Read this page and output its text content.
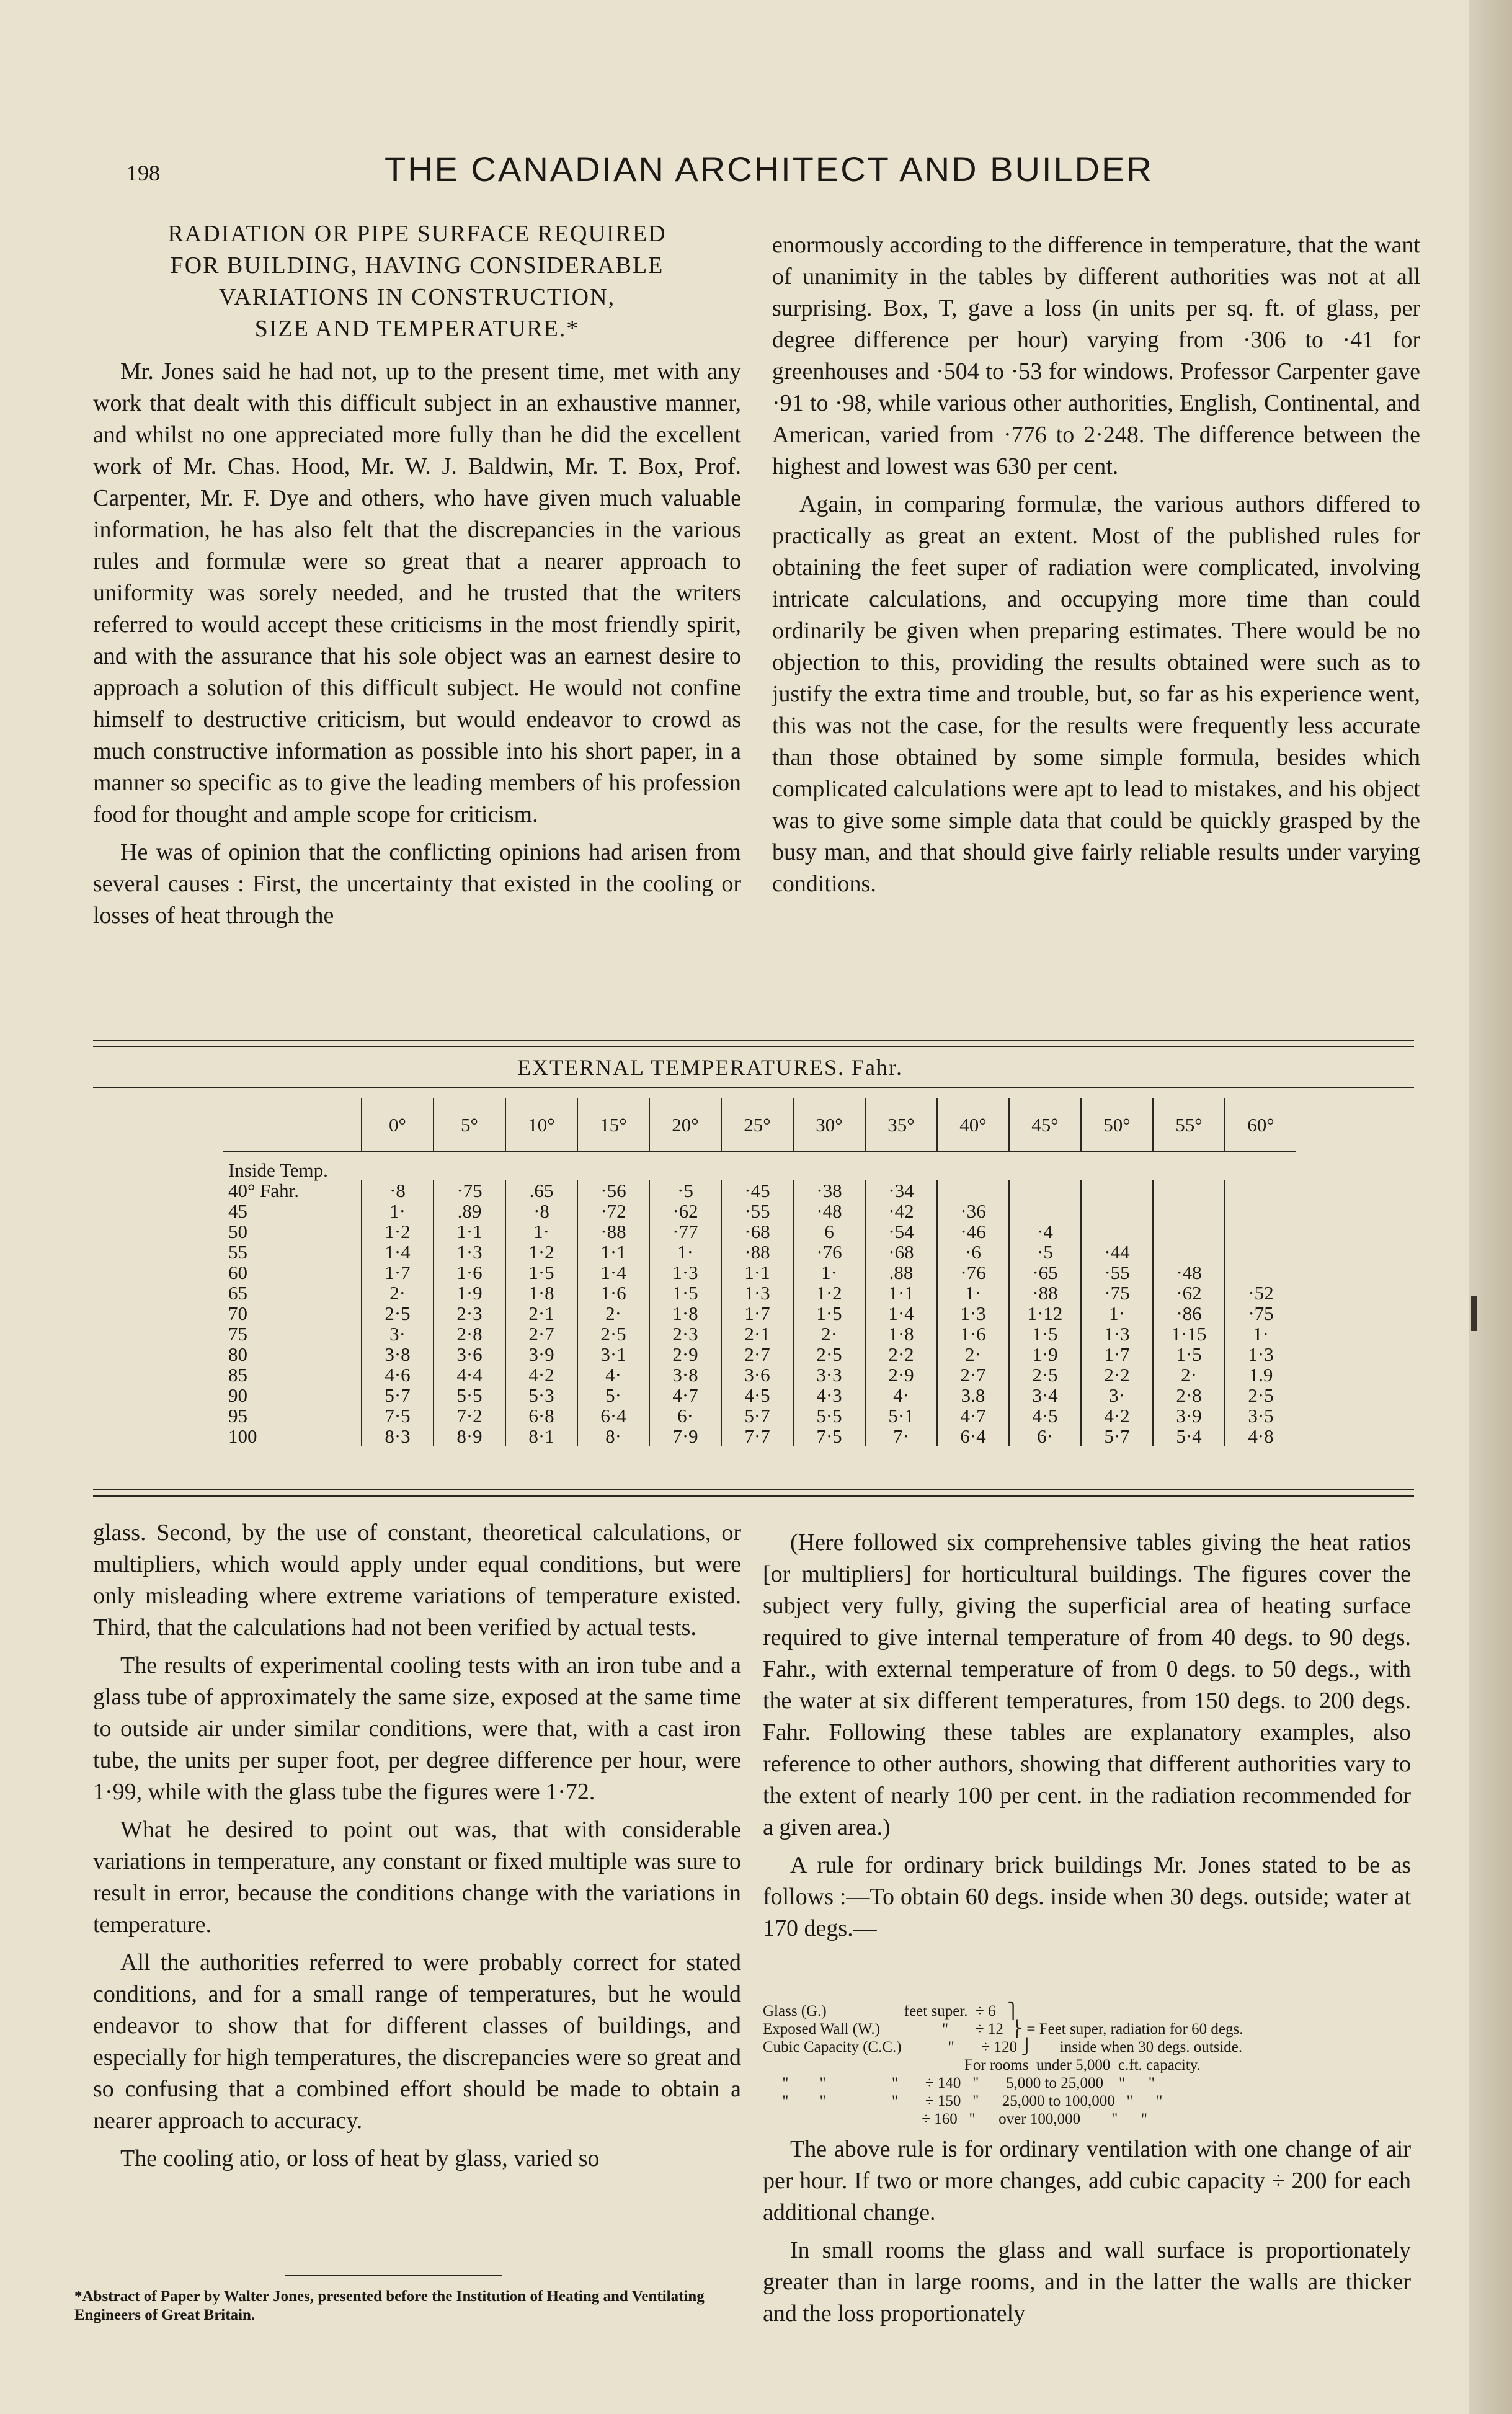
198	THE CANADIAN ARCHITECT AND BUILDER
RADIATION OR PIPE SURFACE REQUIRED
FOR BUILDING, HAVING CONSIDERABLE
VARIATIONS IN CONSTRUCTION,
SIZE AND TEMPERATURE.*

Mr. Jones said he had not, up to the present time, met with any work that dealt with this difficult subject in an exhaustive manner, and whilst no one appreciated more fully than he did the excellent work of Mr. Chas. Hood, Mr. W. J. Baldwin, Mr. T. Box, Prof. Carpenter, Mr. F. Dye and others, who have given much valuable information, he has also felt that the discrepancies in the various rules and formulæ were so great that a nearer approach to uniformity was sorely needed, and he trusted that the writers referred to would accept these criticisms in the most friendly spirit, and with the assurance that his sole object was an earnest desire to approach a solution of this difficult subject. He would not confine himself to destructive criticism, but would endeavor to crowd as much constructive information as possible into his short paper, in a manner so specific as to give the leading members of his profession food for thought and ample scope for criticism.

He was of opinion that the conflicting opinions had arisen from several causes : First, the uncertainty that existed in the cooling or losses of heat through the

enormously according to the difference in temperature, that the want of unanimity in the tables by different authorities was not at all surprising. Box, T, gave a loss (in units per sq. ft. of glass, per degree difference per hour) varying from ·306 to ·41 for greenhouses and ·504 to ·53 for windows. Professor Carpenter gave ·91 to ·98, while various other authorities, English, Continental, and American, varied from ·776 to 2·248. The difference between the highest and lowest was 630 per cent.

Again, in comparing formulæ, the various authors differed to practically as great an extent. Most of the published rules for obtaining the feet super of radiation were complicated, involving intricate calculations, and occupying more time than could ordinarily be given when preparing estimates. There would be no objection to this, providing the results obtained were such as to justify the extra time and trouble, but, so far as his experience went, this was not the case, for the results were frequently less accurate than those obtained by some simple formula, besides which complicated calculations were apt to lead to mistakes, and his object was to give some simple data that could be quickly grasped by the busy man, and that should give fairly reliable results under varying conditions.

EXTERNAL TEMPERATURES. Fahr.
	0°	5°	10°	15°	20°	25°	30°	35°	40°	45°	50°	55°	60°
Inside Temp.													
40° Fahr.	·8	·75	.65	·56	·5	·45	·38	·34					
45	1·	.89	·8	·72	·62	·55	·48	·42	·36				
50	1·2	1·1	1·	·88	·77	·68	6	·54	·46	·4			
55	1·4	1·3	1·2	1·1	1·	·88	·76	·68	·6	·5	·44		
60	1·7	1·6	1·5	1·4	1·3	1·1	1·	.88	·76	·65	·55	·48	
65	2·	1·9	1·8	1·6	1·5	1·3	1·2	1·1	1·	·88	·75	·62	·52
70	2·5	2·3	2·1	2·	1·8	1·7	1·5	1·4	1·3	1·12	1·	·86	·75
75	3·	2·8	2·7	2·5	2·3	2·1	2·	1·8	1·6	1·5	1·3	1·15	1·
80	3·8	3·6	3·9	3·1	2·9	2·7	2·5	2·2	2·	1·9	1·7	1·5	1·3
85	4·6	4·4	4·2	4·	3·8	3·6	3·3	2·9	2·7	2·5	2·2	2·	1.9
90	5·7	5·5	5·3	5·	4·7	4·5	4·3	4·	3.8	3·4	3·	2·8	2·5
95	7·5	7·2	6·8	6·4	6·	5·7	5·5	5·1	4·7	4·5	4·2	3·9	3·5
100	8·3	8·9	8·1	8·	7·9	7·7	7·5	7·	6·4	6·	5·7	5·4	4·8

glass. Second, by the use of constant, theoretical calculations, or multipliers, which would apply under equal conditions, but were only misleading where extreme variations of temperature existed. Third, that the calculations had not been verified by actual tests.

The results of experimental cooling tests with an iron tube and a glass tube of approximately the same size, exposed at the same time to outside air under similar conditions, were that, with a cast iron tube, the units per super foot, per degree difference per hour, were 1·99, while with the glass tube the figures were 1·72.

What he desired to point out was, that with considerable variations in temperature, any constant or fixed multiple was sure to result in error, because the conditions change with the variations in temperature.

All the authorities referred to were probably correct for stated conditions, and for a small range of temperatures, but he would endeavor to show that for different classes of buildings, and especially for high temperatures, the discrepancies were so great and so confusing that a combined effort should be made to obtain a nearer approach to accuracy.

The cooling atio, or loss of heat by glass, varied so

*Abstract of Paper by Walter Jones, presented before the Institution of Heating and Ventilating Engineers of Great Britain.

(Here followed six comprehensive tables giving the heat ratios [or multipliers] for horticultural buildings. The figures cover the subject very fully, giving the superficial area of heating surface required to give internal temperature of from 40 degs. to 90 degs. Fahr., with external temperature of from 0 degs. to 50 degs., with the water at six different temperatures, from 150 degs. to 200 degs. Fahr. Following these tables are explanatory examples, also reference to other authors, showing that different authorities vary to the extent of nearly 100 per cent. in the radiation recommended for a given area.)

A rule for ordinary brick buildings Mr. Jones stated to be as follows :—To obtain 60 degs. inside when 30 degs. outside; water at 170 degs.—

Glass (G.)                    feet super.  ÷ 6   ⎫
Exposed Wall (W.)                "       ÷ 12  ⎬ = Feet super, radiation for 60 degs.
Cubic Capacity (C.C.)            "       ÷ 120 ⎭       inside when 30 degs. outside.
For rooms  under 5,000  c.ft. capacity.
"        "                 "       ÷ 140   "       5,000 to 25,000    "      "
"        "                 "       ÷ 150   "      25,000 to 100,000   "      "
÷ 160   "      over 100,000        "      "

The above rule is for ordinary ventilation with one change of air per hour. If two or more changes, add cubic capacity ÷ 200 for each additional change.

In small rooms the glass and wall surface is proportionately greater than in large rooms, and in the latter the walls are thicker and the loss proportionately
